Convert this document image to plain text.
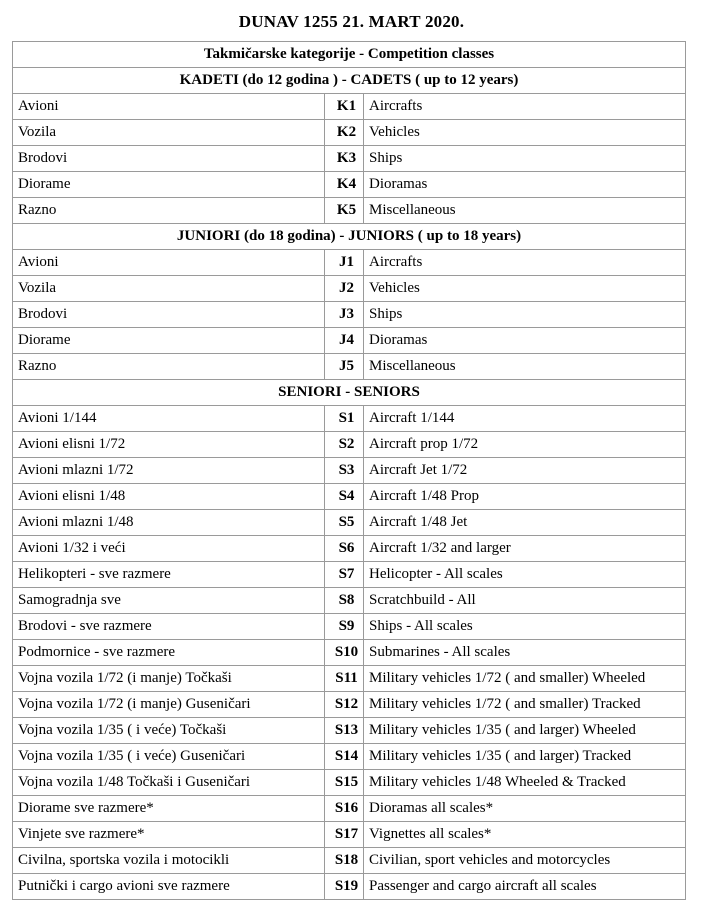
DUNAV 1255 21. MART 2020.
Takmičarske kategorije - Competition classes		
KADETI (do 12 godina ) - CADETS ( up to 12 years)		
Avioni	K1	Aircrafts
Vozila	K2	Vehicles
Brodovi	K3	Ships
Diorame	K4	Dioramas
Razno	K5	Miscellaneous
JUNIORI (do 18 godina) - JUNIORS ( up to 18 years)		
Avioni	J1	Aircrafts
Vozila	J2	Vehicles
Brodovi	J3	Ships
Diorame	J4	Dioramas
Razno	J5	Miscellaneous
SENIORI - SENIORS		
Avioni 1/144	S1	Aircraft 1/144
Avioni elisni 1/72	S2	Aircraft prop 1/72
Avioni mlazni 1/72	S3	Aircraft Jet 1/72
Avioni elisni 1/48	S4	Aircraft 1/48 Prop
Avioni mlazni 1/48	S5	Aircraft 1/48 Jet
Avioni 1/32 i veći	S6	Aircraft 1/32 and larger
Helikopteri - sve razmere	S7	Helicopter - All scales
Samogradnja sve	S8	Scratchbuild - All
Brodovi - sve razmere	S9	Ships - All scales
Podmornice - sve razmere	S10	Submarines - All scales
Vojna vozila 1/72 (i manje) Točkaši	S11	Military vehicles 1/72 ( and smaller) Wheeled
Vojna vozila 1/72 (i manje) Guseničari	S12	Military vehicles 1/72 ( and smaller) Tracked
Vojna vozila 1/35 ( i veće) Točkaši	S13	Military vehicles 1/35 ( and larger) Wheeled
Vojna vozila 1/35 ( i veće) Guseničari	S14	Military vehicles 1/35 ( and larger) Tracked
Vojna vozila 1/48 Točkaši i Guseničari	S15	Military vehicles 1/48 Wheeled & Tracked
Diorame sve razmere*	S16	Dioramas all scales*
Vinjete sve razmere*	S17	Vignettes all scales*
Civilna, sportska vozila i motocikli	S18	Civilian, sport vehicles and motorcycles
Putnički i cargo avioni sve razmere	S19	Passenger and cargo aircraft all scales
